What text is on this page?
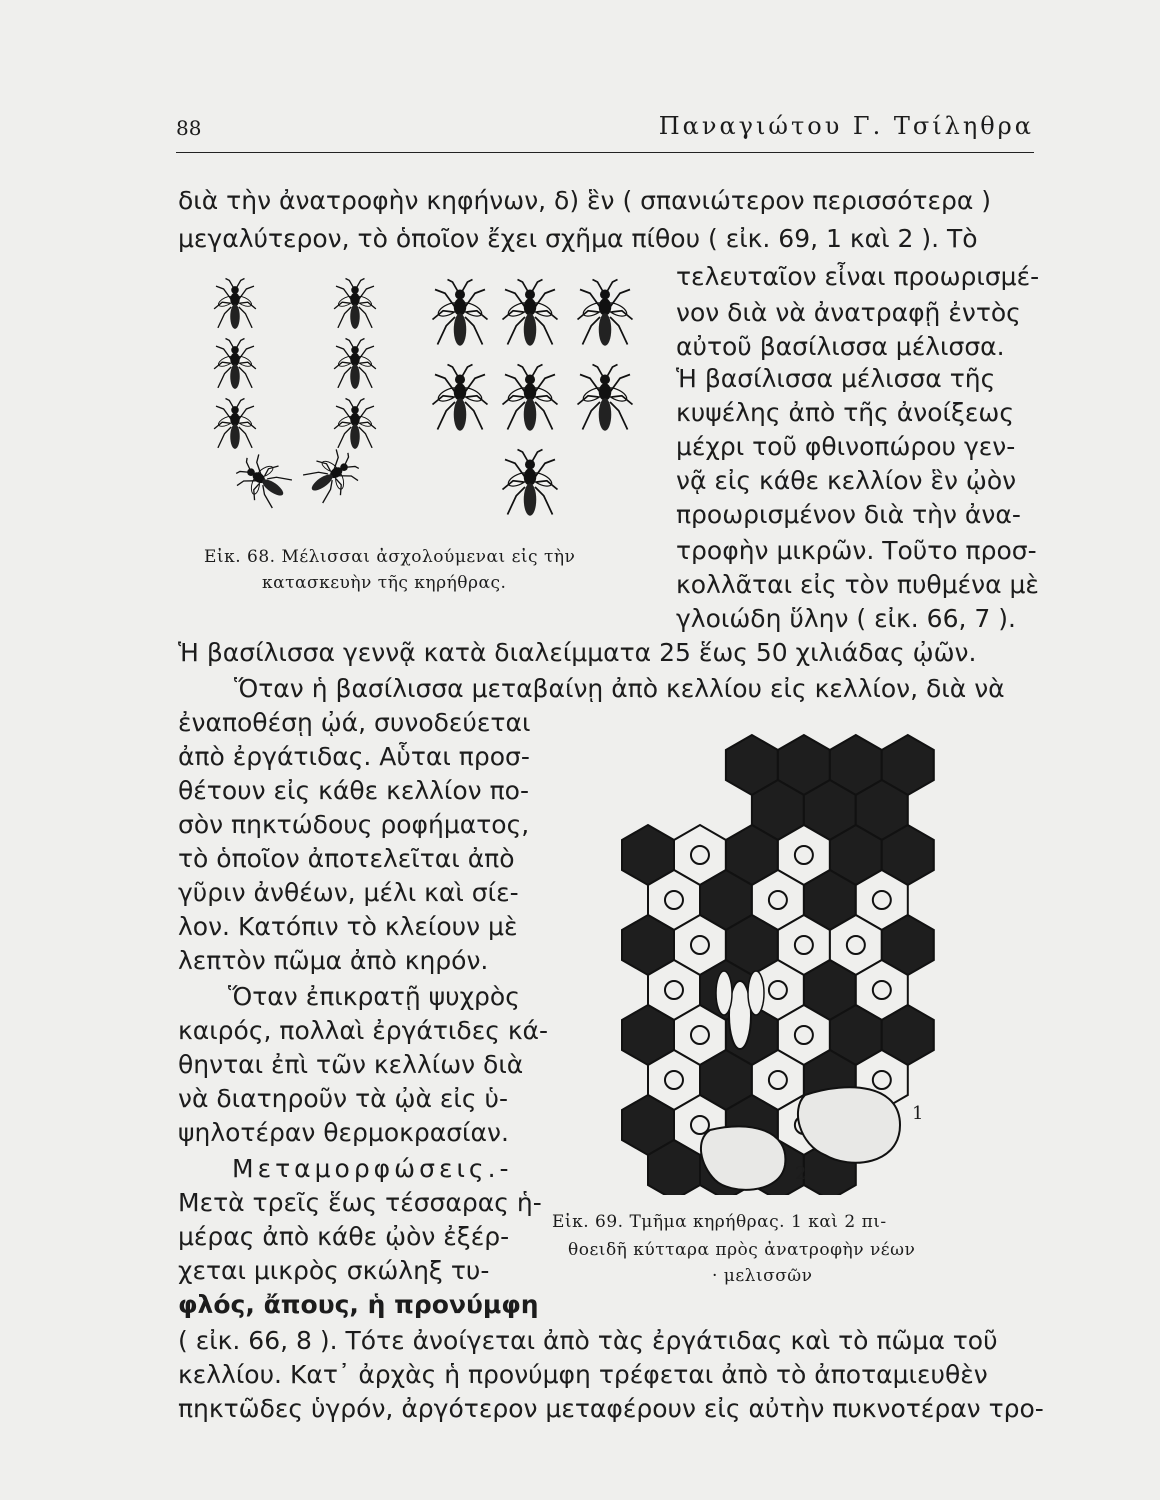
88	Παναγιώτου Γ. Τσίληθρα
διὰ τὴν ἀνατροφὴν κηφήνων, δ) ἓν ( σπανιώτερον περισσότερα )
μεγαλύτερον, τὸ ὁποῖον ἔχει σχῆμα πίθου ( εἰκ. 69, 1 καὶ 2 ). Τὸ
τελευταῖον εἶναι προωρισμέ-
νον διὰ νὰ ἀνατραφῇ ἐντὸς
αὐτοῦ βασίλισσα μέλισσα.
Ἡ βασίλισσα μέλισσα τῆς
κυψέλης ἀπὸ τῆς ἀνοίξεως
μέχρι τοῦ φθινοπώρου γεν-
νᾷ εἰς κάθε κελλίον ἓν ᾠὸν
προωρισμένον διὰ τὴν ἀνα-
τροφὴν μικρῶν. Τοῦτο προσ-
κολλᾶται εἰς τὸν πυθμένα μὲ
γλοιώδη ὕλην ( εἰκ. 66, 7 ).
Ἡ βασίλισσα γεννᾷ κατὰ διαλείμματα 25 ἕως 50 χιλιάδας ᾠῶν.
Ὅταν ἡ βασίλισσα μεταβαίνῃ ἀπὸ κελλίου εἰς κελλίον, διὰ νὰ
ἐναποθέσῃ ᾠά, συνοδεύεται
ἀπὸ ἐργάτιδας. Αὗται προσ-
θέτουν εἰς κάθε κελλίον πο-
σὸν πηκτώδους ροφήματος,
τὸ ὁποῖον ἀποτελεῖται ἀπὸ
γῦριν ἀνθέων, μέλι καὶ σίε-
λον. Κατόπιν τὸ κλείουν μὲ
λεπτὸν πῶμα ἀπὸ κηρόν.
Ὅταν ἐπικρατῇ ψυχρὸς
καιρός, πολλαὶ ἐργάτιδες κά-
θηνται ἐπὶ τῶν κελλίων διὰ
νὰ διατηροῦν τὰ ᾠὰ εἰς ὑ-
ψηλοτέραν θερμοκρασίαν.
Μεταμορφώσεις.-
Μετὰ τρεῖς ἕως τέσσαρας ἡ-
μέρας ἀπὸ κάθε ᾠὸν ἐξέρ-
χεται μικρὸς σκώληξ τυ-
φλός, ἄπους, ἡ προνύμφη
( εἰκ. 66, 8 ). Τότε ἀνοίγεται ἀπὸ τὰς ἐργάτιδας καὶ τὸ πῶμα τοῦ
κελλίου. Κατ᾽ ἀρχὰς ἡ προνύμφη τρέφεται ἀπὸ τὸ ἀποταμιευθὲν
πηκτῶδες ὑγρόν, ἀργότερον μεταφέρουν εἰς αὐτὴν πυκνοτέραν τρο-
Εἰκ. 68. Μέλισσαι ἀσχολούμεναι εἰς τὴν
κατασκευὴν τῆς κηρήθρας.
1
2
Εἰκ. 69. Τμῆμα κηρήθρας. 1 καὶ 2 πι-
θοειδῆ κύτταρα πρὸς ἀνατροφὴν νέων
· μελισσῶν
